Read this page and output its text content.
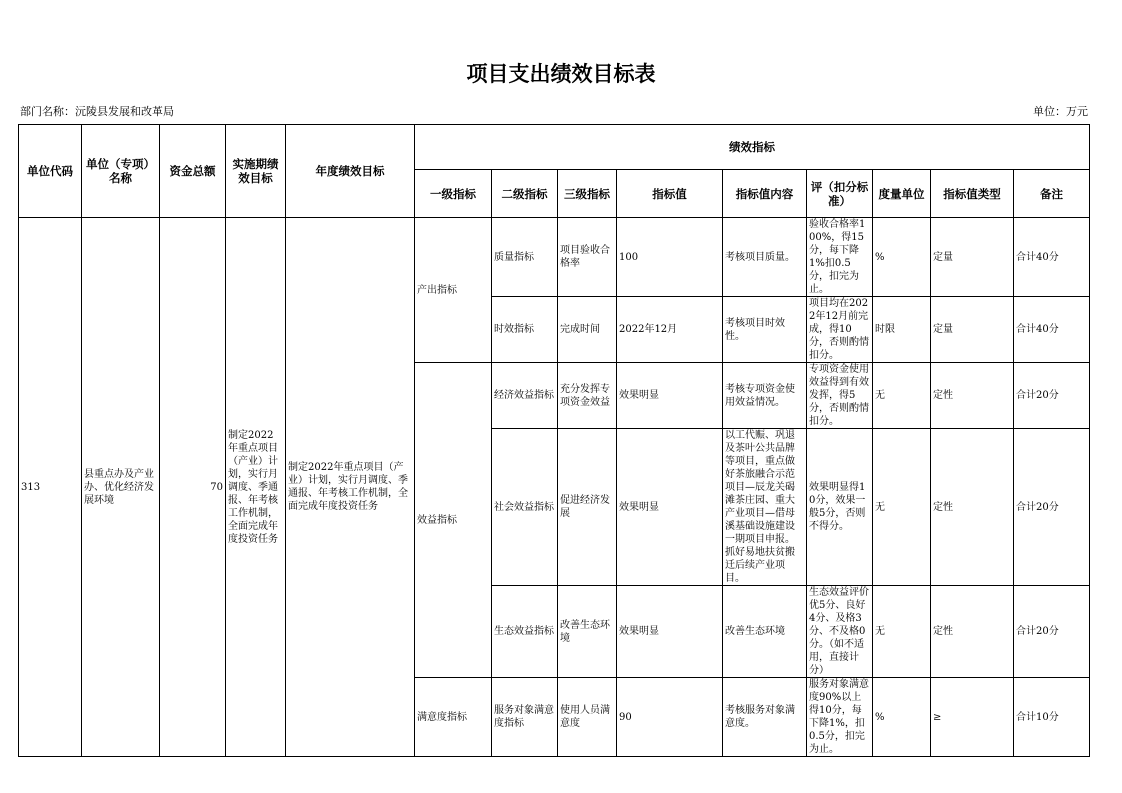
项目支出绩效目标表
部门名称：沅陵县发展和改革局	单位：万元
单位代码	单位（专项）名称	资金总额	实施期绩效目标	年度绩效目标	绩效指标								
					一级指标	二级指标	三级指标	指标值	指标值内容	评（扣分标准）	度量单位	指标值类型	备注
313	县重点办及产业办、优化经济发展环境	70	制定2022年重点项目（产业）计划，实行月调度、季通报、年考核工作机制，全面完成年度投资任务	制定2022年重点项目（产业）计划，实行月调度、季通报、年考核工作机制，全面完成年度投资任务	产出指标	质量指标	项目验收合格率	100	考核项目质量。	验收合格率100%，得15分，每下降1%扣0.5分，扣完为止。	%	定量	合计40分
						时效指标	完成时间	2022年12月	考核项目时效性。	项目均在2022年12月前完成，得10分，否则酌情扣分。	时限	定量	合计40分
					效益指标	经济效益指标	充分发挥专项资金效益	效果明显	考核专项资金使用效益情况。	专项资金使用效益得到有效发挥，得5分，否则酌情扣分。	无	定性	合计20分
						社会效益指标	促进经济发展	效果明显	以工代赈、巩退及茶叶公共品牌等项目，重点做好茶旅融合示范项目—辰龙关碣滩茶庄园、重大产业项目—借母溪基础设施建设一期项目申报。抓好易地扶贫搬迁后续产业项目。	效果明显得10分，效果一般5分，否则不得分。	无	定性	合计20分
						生态效益指标	改善生态环境	效果明显	改善生态环境	生态效益评价优5分、良好4分、及格3分、不及格0分。（如不适用，直接计分）	无	定性	合计20分
					满意度指标	服务对象满意度指标	使用人员满意度	90	考核服务对象满意度。	服务对象满意度90%以上得10分，每下降1%，扣0.5分，扣完为止。	%	≥	合计10分
